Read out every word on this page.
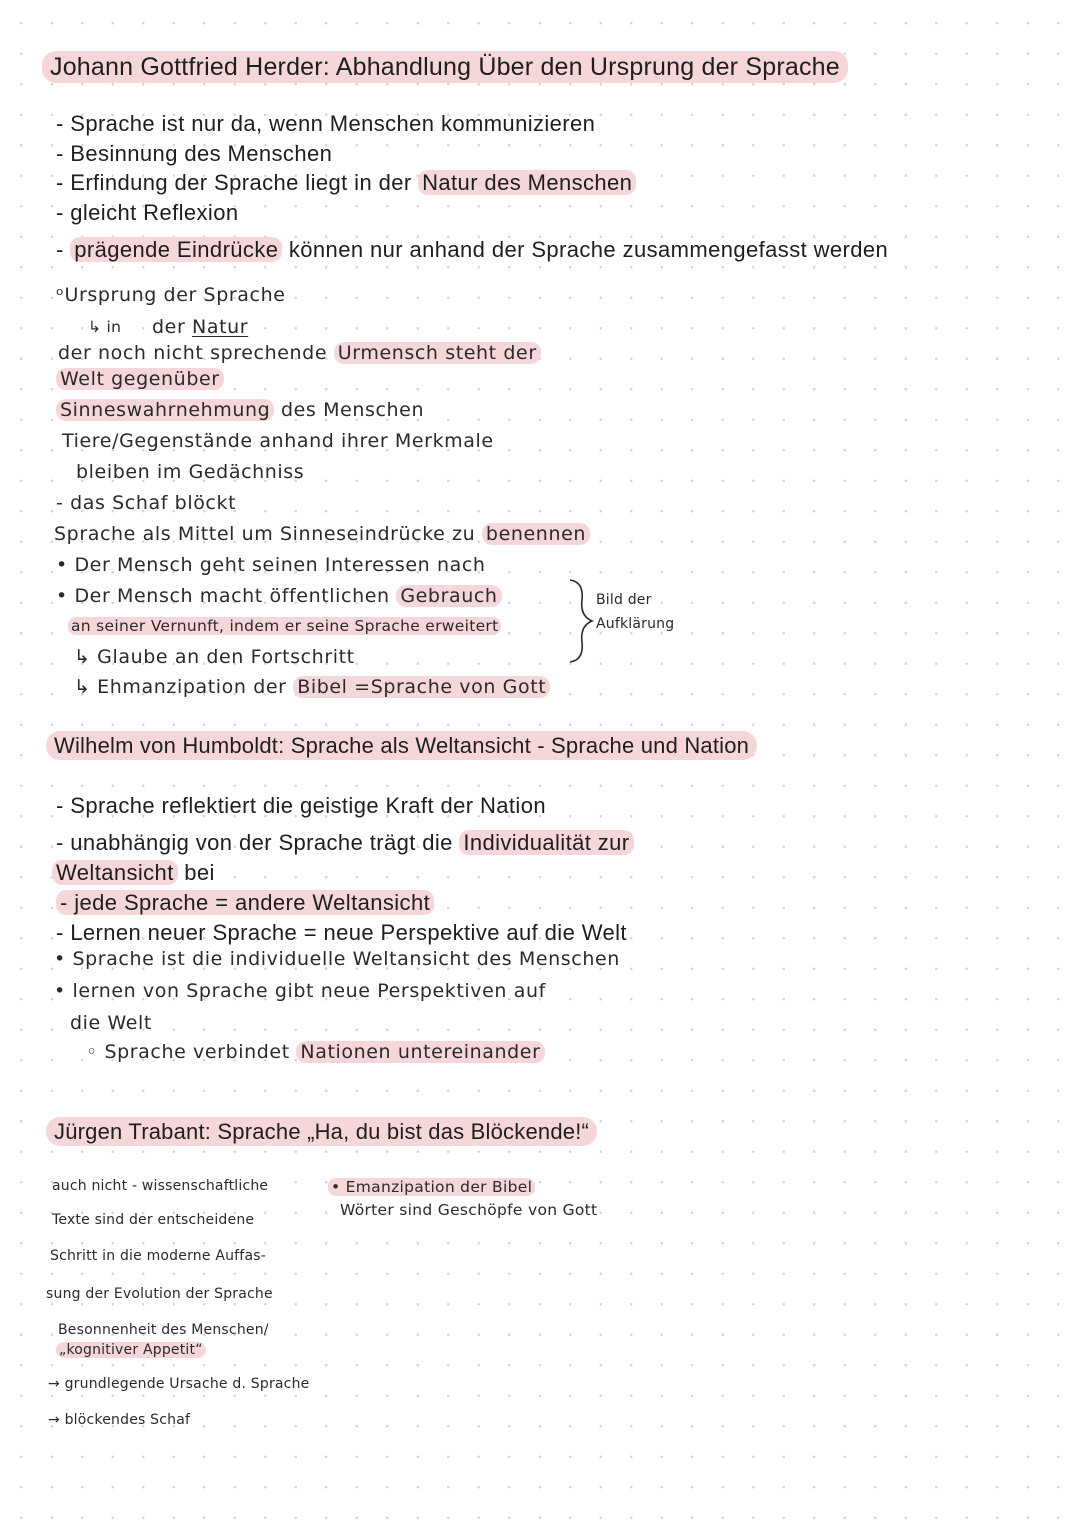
Johann Gottfried Herder: Abhandlung Über den Ursprung der Sprache
- Sprache ist nur da, wenn Menschen kommunizieren
- Besinnung des Menschen
- Erfindung der Sprache liegt in der Natur des Menschen
- gleicht Reflexion
- prägende Eindrücke können nur anhand der Sprache zusammengefasst werden
ᵒUrsprung der Sprache
↳ in der Natur
der noch nicht sprechende Urmensch steht der
Welt gegenüber
Sinneswahrnehmung des Menschen
Tiere/Gegenstände anhand ihrer Merkmale
bleiben im Gedächniss
- das Schaf blöckt
Sprache als Mittel um Sinneseindrücke zu benennen
• Der Mensch geht seinen Interessen nach
• Der Mensch macht öffentlichen Gebrauch
an seiner Vernunft, indem er seine Sprache erweitert
Bild der Aufklärung
↳ Glaube an den Fortschritt
↳ Ehmanzipation der Bibel =Sprache von Gott
Wilhelm von Humboldt: Sprache als Weltansicht - Sprache und Nation
- Sprache reflektiert die geistige Kraft der Nation
- unabhängig von der Sprache trägt die Individualität zur
Weltansicht bei
- jede Sprache = andere Weltansicht
- Lernen neuer Sprache = neue Perspektive auf die Welt
• Sprache ist die individuelle Weltansicht des Menschen
• lernen von Sprache gibt neue Perspektiven auf
die Welt
◦ Sprache verbindet Nationen untereinander
Jürgen Trabant: Sprache „Ha, du bist das Blöckende!“
auch nicht - wissenschaftliche
Texte sind der entscheidene
Schritt in die moderne Auffas-
sung der Evolution der Sprache
Besonnenheit des Menschen/
„kognitiver Appetit“
→ grundlegende Ursache d. Sprache
→ blöckendes Schaf
• Emanzipation der Bibel
Wörter sind Geschöpfe von Gott
